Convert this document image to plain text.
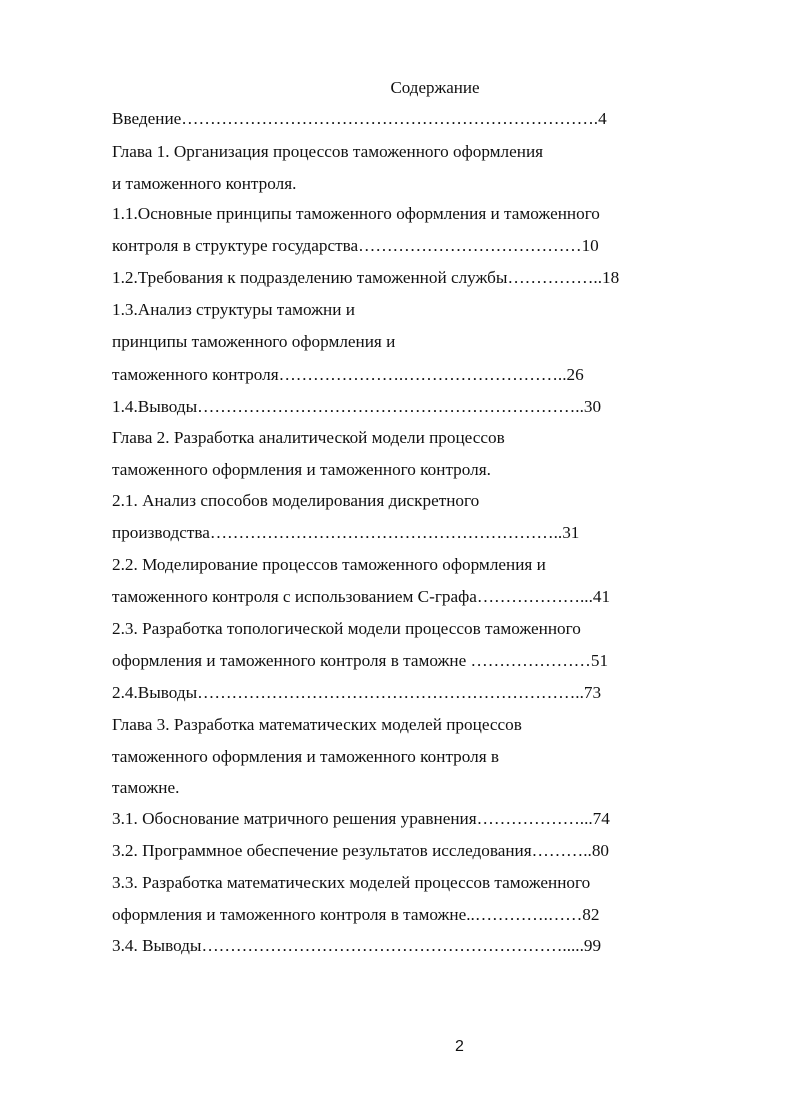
Содержание
Введение……………………………………………………………….4
Глава 1. Организация процессов таможенного оформления
и таможенного контроля.
1.1.Основные принципы таможенного оформления и таможенного
контроля в структуре государства…………………………………10
1.2.Требования к подразделению таможенной службы……………..18
1.3.Анализ структуры таможни и
принципы таможенного оформления и
таможенного контроля………………….………………………..26
1.4.Выводы…………………………………………………………..30
Глава 2. Разработка аналитической модели процессов
таможенного оформления и таможенного контроля.
2.1. Анализ способов моделирования дискретного
производства……………………………………………………..31
2.2. Моделирование процессов таможенного оформления и
таможенного контроля с использованием С-графа………………...41
2.3. Разработка топологической модели процессов таможенного
оформления и таможенного контроля в таможне …………………51
2.4.Выводы…………………………………………………………..73
Глава 3. Разработка математических моделей процессов
таможенного оформления и таможенного контроля в
таможне.
3.1. Обоснование матричного решения уравнения………………...74
3.2. Программное обеспечение результатов исследования………..80
3.3. Разработка математических моделей процессов таможенного
оформления и таможенного контроля в таможне..………….……82
3.4. Выводы……………………………………………………….....99
2
